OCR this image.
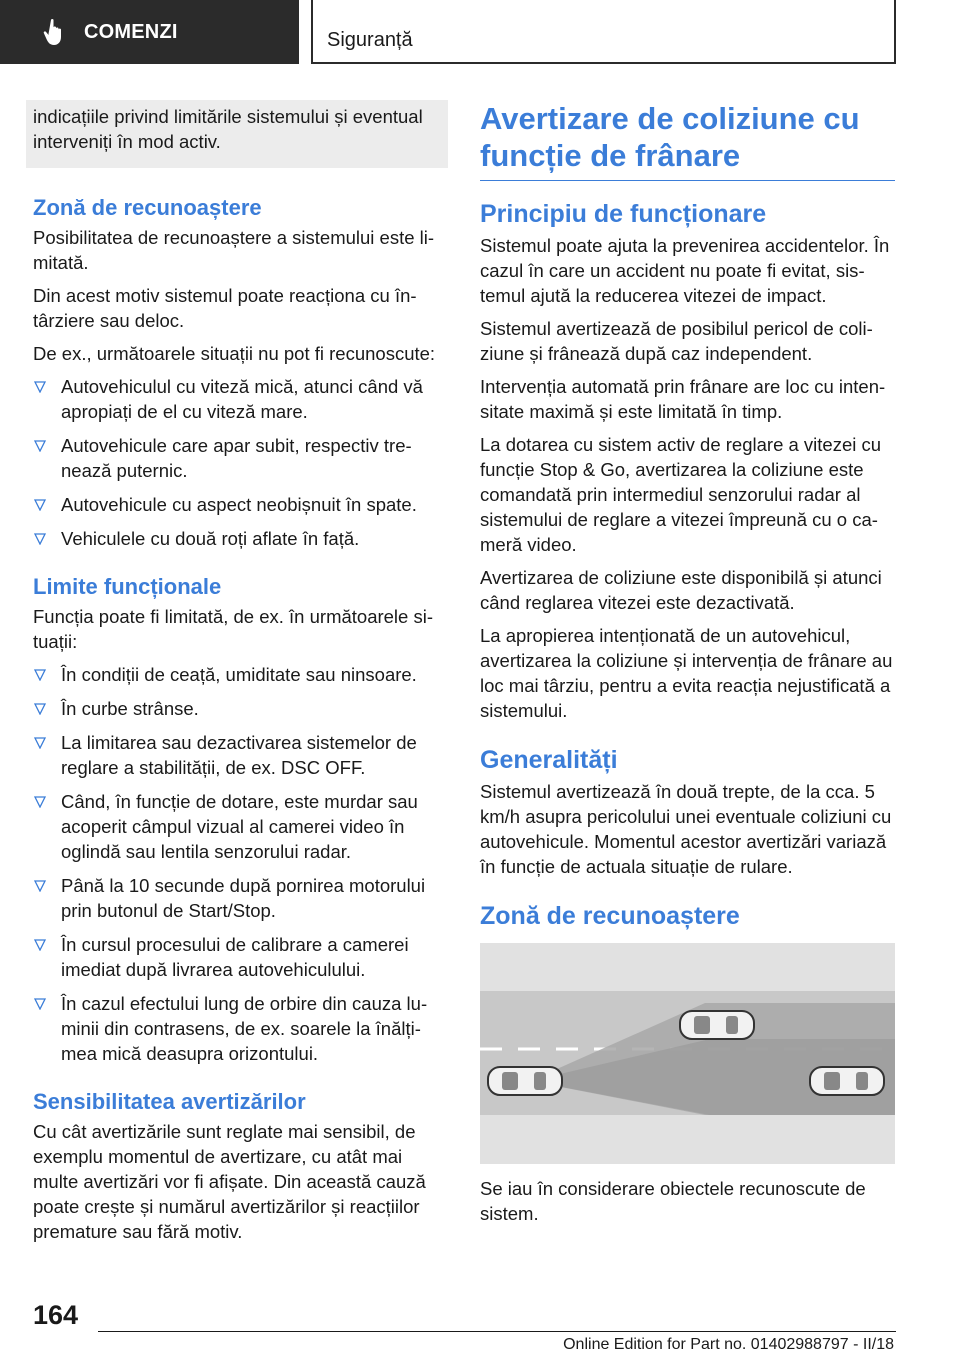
COMENZI	Siguranță
indicațiile privind limitările sistemului și eventual interveniți în mod activ.
Zonă de recunoaștere
Posibilitatea de recunoaștere a sistemului este limitată.
Din acest motiv sistemul poate reacționa cu întârziere sau deloc.
De ex., următoarele situații nu pot fi recunoscute:
Autovehiculul cu viteză mică, atunci când vă apropiați de el cu viteză mare.
Autovehicule care apar subit, respectiv trenează puternic.
Autovehicule cu aspect neobișnuit în spate.
Vehiculele cu două roți aflate în față.
Limite funcționale
Funcția poate fi limitată, de ex. în următoarele situații:
În condiții de ceață, umiditate sau ninsoare.
În curbe strânse.
La limitarea sau dezactivarea sistemelor de reglare a stabilității, de ex. DSC OFF.
Când, în funcție de dotare, este murdar sau acoperit câmpul vizual al camerei video în oglindă sau lentila senzorului radar.
Până la 10 secunde după pornirea motorului prin butonul de Start/Stop.
În cursul procesului de calibrare a camerei imediat după livrarea autovehiculului.
În cazul efectului lung de orbire din cauza luminii din contrasens, de ex. soarele la înălțimea mică deasupra orizontului.
Sensibilitatea avertizărilor
Cu cât avertizările sunt reglate mai sensibil, de exemplu momentul de avertizare, cu atât mai multe avertizări vor fi afișate. Din această cauză poate crește și numărul avertizărilor și reacțiilor premature sau fără motiv.
Avertizare de coliziune cu funcție de frânare
Principiu de funcționare
Sistemul poate ajuta la prevenirea accidentelor. În cazul în care un accident nu poate fi evitat, sistemul ajută la reducerea vitezei de impact.
Sistemul avertizează de posibilul pericol de coliziune și frânează după caz independent.
Intervenția automată prin frânare are loc cu intensitate maximă și este limitată în timp.
La dotarea cu sistem activ de reglare a vitezei cu funcție Stop & Go, avertizarea la coliziune este comandată prin intermediul senzorului radar al sistemului de reglare a vitezei împreună cu o cameră video.
Avertizarea de coliziune este disponibilă și atunci când reglarea vitezei este dezactivată.
La apropierea intenționată de un autovehicul, avertizarea la coliziune și intervenția de frânare au loc mai târziu, pentru a evita reacția nejustificată a sistemului.
Generalități
Sistemul avertizează în două trepte, de la cca. 5 km/h asupra pericolului unei eventuale coliziuni cu autovehicule. Momentul acestor avertizări variază în funcție de actuala situație de rulare.
Zonă de recunoaștere
Se iau în considerare obiectele recunoscute de sistem.
164
Online Edition for Part no. 01402988797 - II/18
